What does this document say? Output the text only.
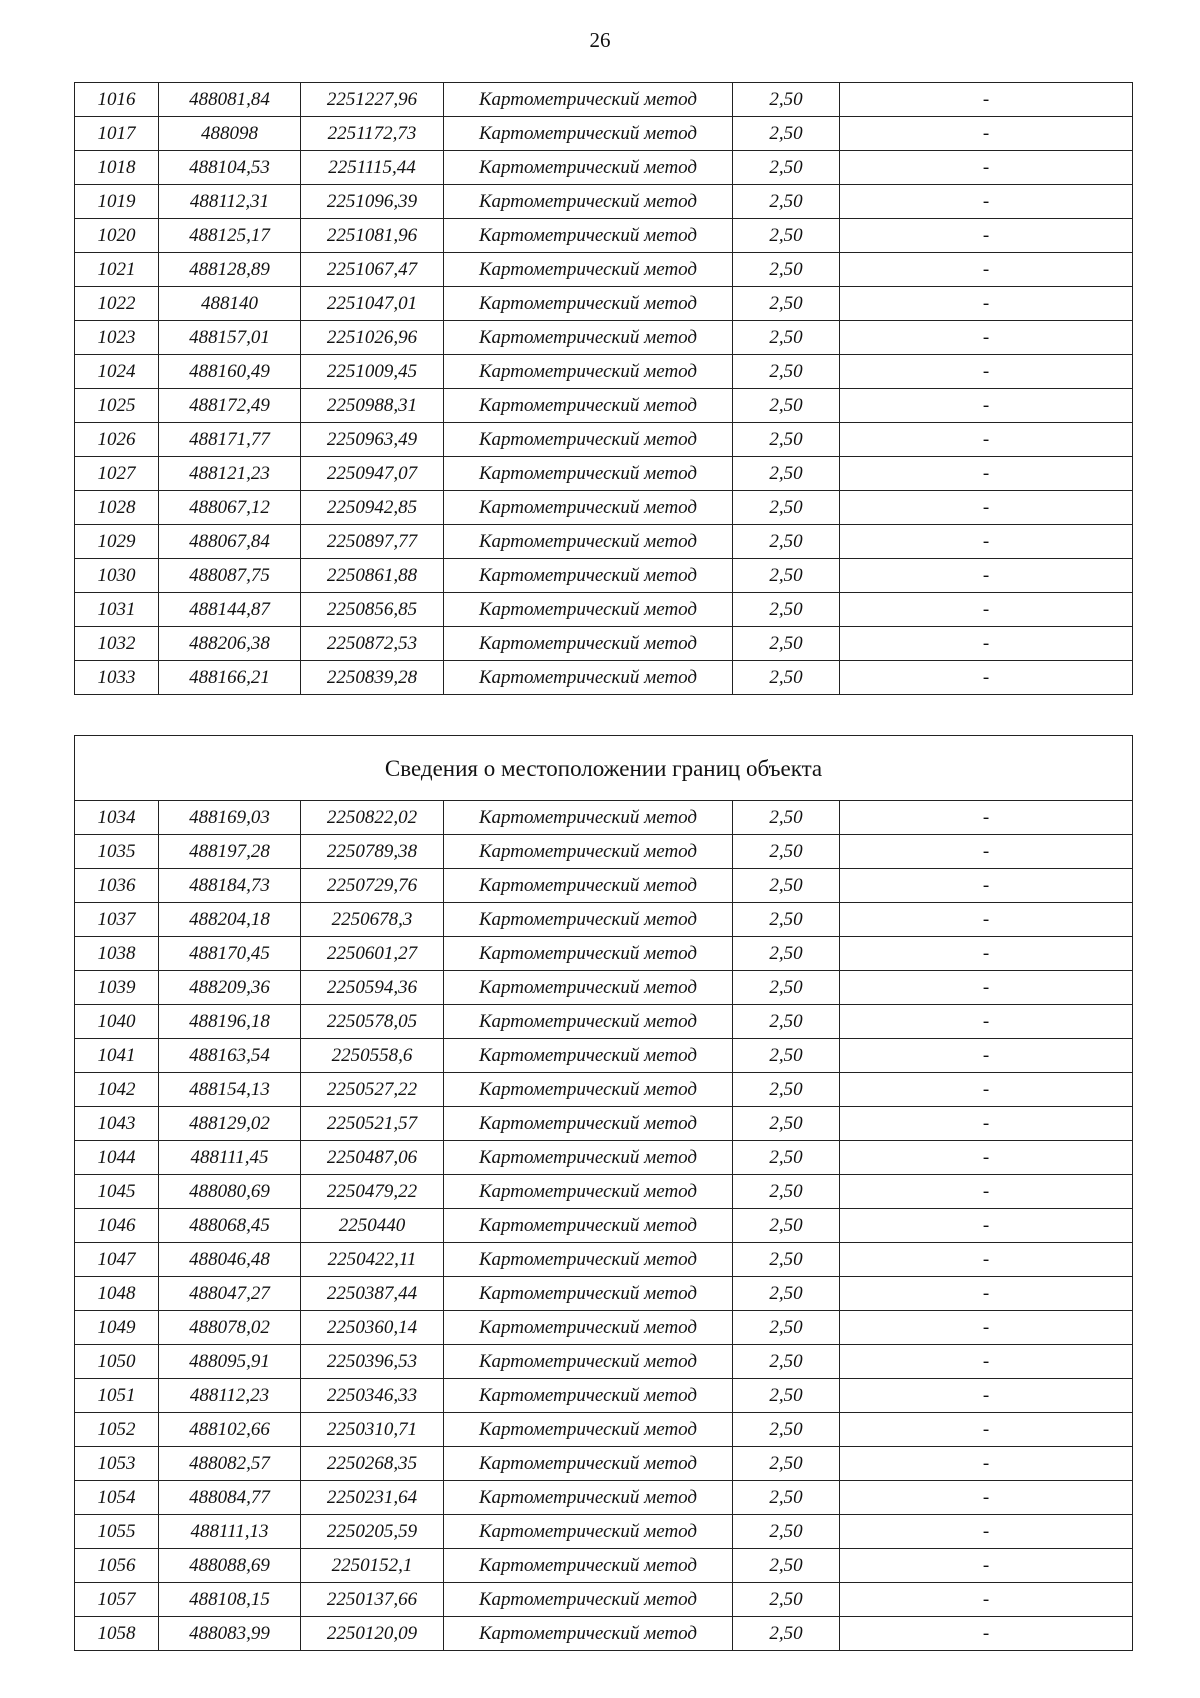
26
1016	488081,84	2251227,96	Картометрический метод	2,50	-
1017	488098	2251172,73	Картометрический метод	2,50	-
1018	488104,53	2251115,44	Картометрический метод	2,50	-
1019	488112,31	2251096,39	Картометрический метод	2,50	-
1020	488125,17	2251081,96	Картометрический метод	2,50	-
1021	488128,89	2251067,47	Картометрический метод	2,50	-
1022	488140	2251047,01	Картометрический метод	2,50	-
1023	488157,01	2251026,96	Картометрический метод	2,50	-
1024	488160,49	2251009,45	Картометрический метод	2,50	-
1025	488172,49	2250988,31	Картометрический метод	2,50	-
1026	488171,77	2250963,49	Картометрический метод	2,50	-
1027	488121,23	2250947,07	Картометрический метод	2,50	-
1028	488067,12	2250942,85	Картометрический метод	2,50	-
1029	488067,84	2250897,77	Картометрический метод	2,50	-
1030	488087,75	2250861,88	Картометрический метод	2,50	-
1031	488144,87	2250856,85	Картометрический метод	2,50	-
1032	488206,38	2250872,53	Картометрический метод	2,50	-
1033	488166,21	2250839,28	Картометрический метод	2,50	-
Сведения о местоположении границ объекта					
1034	488169,03	2250822,02	Картометрический метод	2,50	-
1035	488197,28	2250789,38	Картометрический метод	2,50	-
1036	488184,73	2250729,76	Картометрический метод	2,50	-
1037	488204,18	2250678,3	Картометрический метод	2,50	-
1038	488170,45	2250601,27	Картометрический метод	2,50	-
1039	488209,36	2250594,36	Картометрический метод	2,50	-
1040	488196,18	2250578,05	Картометрический метод	2,50	-
1041	488163,54	2250558,6	Картометрический метод	2,50	-
1042	488154,13	2250527,22	Картометрический метод	2,50	-
1043	488129,02	2250521,57	Картометрический метод	2,50	-
1044	488111,45	2250487,06	Картометрический метод	2,50	-
1045	488080,69	2250479,22	Картометрический метод	2,50	-
1046	488068,45	2250440	Картометрический метод	2,50	-
1047	488046,48	2250422,11	Картометрический метод	2,50	-
1048	488047,27	2250387,44	Картометрический метод	2,50	-
1049	488078,02	2250360,14	Картометрический метод	2,50	-
1050	488095,91	2250396,53	Картометрический метод	2,50	-
1051	488112,23	2250346,33	Картометрический метод	2,50	-
1052	488102,66	2250310,71	Картометрический метод	2,50	-
1053	488082,57	2250268,35	Картометрический метод	2,50	-
1054	488084,77	2250231,64	Картометрический метод	2,50	-
1055	488111,13	2250205,59	Картометрический метод	2,50	-
1056	488088,69	2250152,1	Картометрический метод	2,50	-
1057	488108,15	2250137,66	Картометрический метод	2,50	-
1058	488083,99	2250120,09	Картометрический метод	2,50	-
